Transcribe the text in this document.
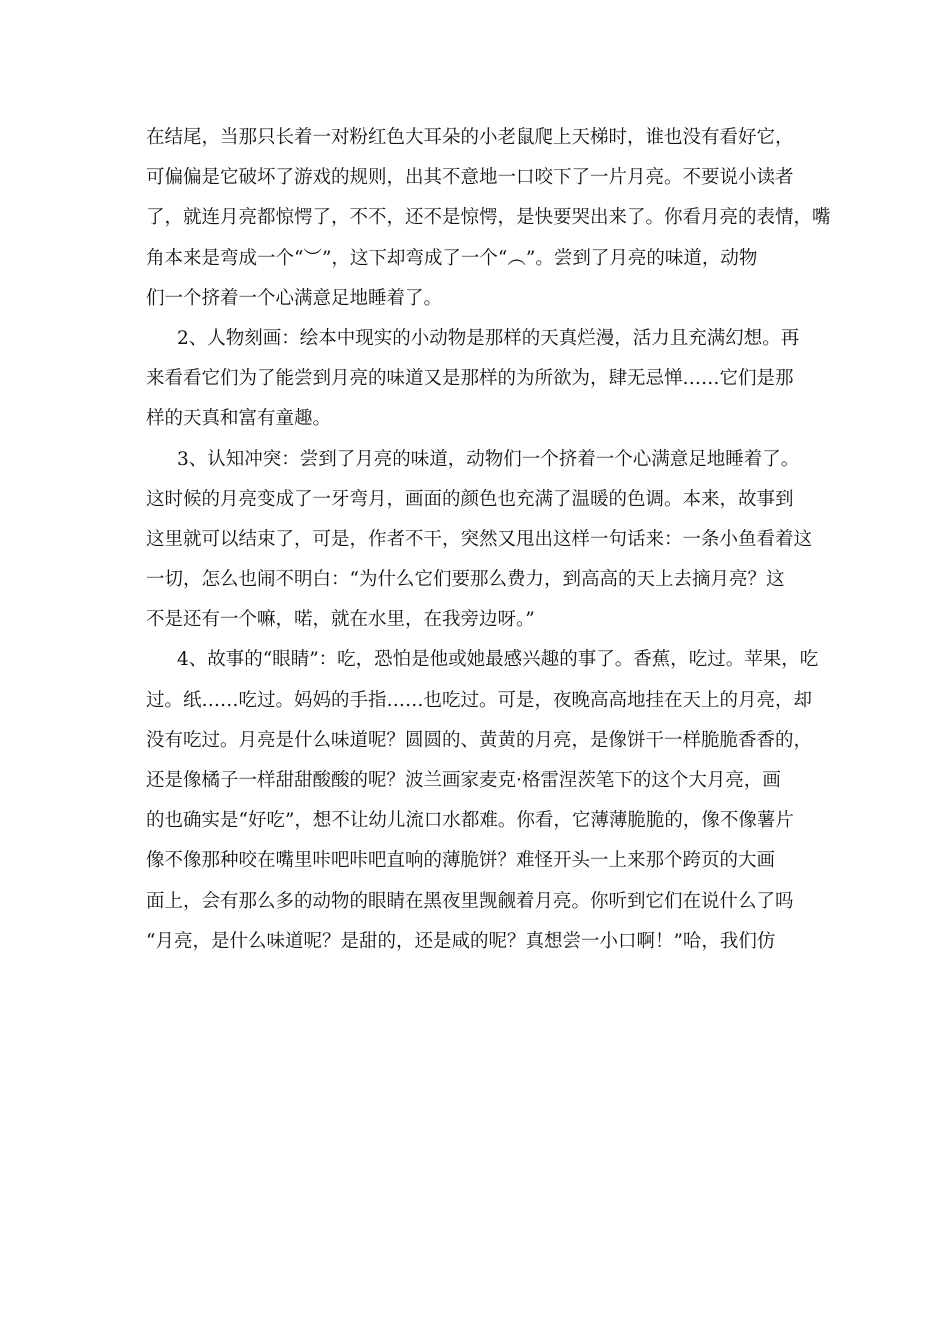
在结尾，当那只长着一对粉红色大耳朵的小老鼠爬上天梯时，谁也没有看好它，
可偏偏是它破坏了游戏的规则，出其不意地一口咬下了一片月亮。不要说小读者
了，就连月亮都惊愕了，不不，还不是惊愕，是快要哭出来了。你看月亮的表情，嘴
角本来是弯成一个“︶”，这下却弯成了一个“︵”。尝到了月亮的味道，动物
们一个挤着一个心满意足地睡着了。
2、人物刻画：绘本中现实的小动物是那样的天真烂漫，活力且充满幻想。再
来看看它们为了能尝到月亮的味道又是那样的为所欲为，肆无忌惮……它们是那
样的天真和富有童趣。
3、认知冲突：尝到了月亮的味道，动物们一个挤着一个心满意足地睡着了。
这时候的月亮变成了一牙弯月，画面的颜色也充满了温暖的色调。本来，故事到
这里就可以结束了，可是，作者不干，突然又甩出这样一句话来：一条小鱼看着这
一切，怎么也闹不明白：“为什么它们要那么费力，到高高的天上去摘月亮？这
不是还有一个嘛，喏，就在水里，在我旁边呀。”
4、故事的“眼睛”：吃，恐怕是他或她最感兴趣的事了。香蕉，吃过。苹果，吃
过。纸……吃过。妈妈的手指……也吃过。可是，夜晚高高地挂在天上的月亮，却
没有吃过。月亮是什么味道呢？圆圆的、黄黄的月亮，是像饼干一样脆脆香香的，
还是像橘子一样甜甜酸酸的呢？波兰画家麦克·格雷涅茨笔下的这个大月亮，画
的也确实是“好吃”，想不让幼儿流口水都难。你看，它薄薄脆脆的，像不像薯片
像不像那种咬在嘴里咔吧咔吧直响的薄脆饼？难怪开头一上来那个跨页的大画
面上，会有那么多的动物的眼睛在黑夜里觊觎着月亮。你听到它们在说什么了吗
“月亮，是什么味道呢？是甜的，还是咸的呢？真想尝一小口啊！”哈，我们仿
